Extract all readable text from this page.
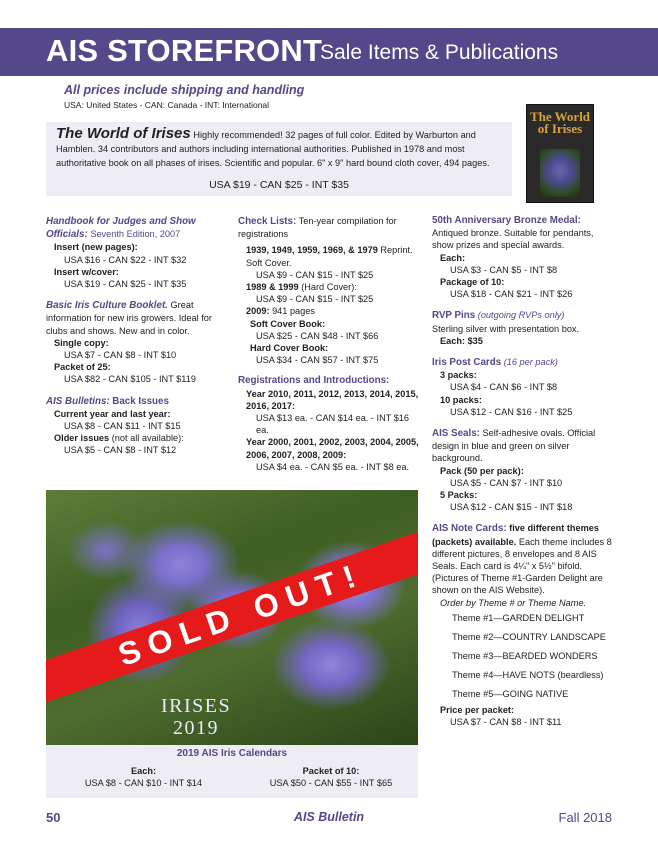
AIS STOREFRONT
Sale Items & Publications
All prices include shipping and handling
USA: United States - CAN: Canada - INT: International
The World of Irises Highly recommended! 32 pages of full color. Edited by Warburton and Hamblen. 34 contributors and authors including international authorities. Published in 1978 and most authoritative book on all phases of irises. Scientific and popular. 6" x 9" hard bound cloth cover, 494 pages.
USA $19 - CAN $25 - INT $35
The World of Irises
Handbook for Judges and Show Officials: Seventh Edition, 2007
Insert (new pages):
USA $16 - CAN $22 - INT $32
Insert w/cover:
USA $19 - CAN $25 - INT $35
Basic Iris Culture Booklet. Great information for new iris growers. Ideal for clubs and shows. New and in color.
Single copy:
USA $7 - CAN $8 - INT $10
Packet of 25:
USA $82 - CAN $105 - INT $119
AIS Bulletins: Back Issues
Current year and last year:
USA $8 - CAN $11 - INT $15
Older issues (not all available):
USA $5 - CAN $8 - INT $12
Check Lists: Ten-year compilation for registrations
1939, 1949, 1959, 1969, & 1979 Reprint. Soft Cover.
USA $9 - CAN $15 - INT $25
1989 & 1999 (Hard Cover):
USA $9 - CAN $15 - INT $25
2009: 941 pages
Soft Cover Book:
USA $25 - CAN $48 - INT $66
Hard Cover Book:
USA $34 - CAN $57 - INT $75
Registrations and Introductions:
Year 2010, 2011, 2012, 2013, 2014, 2015, 2016, 2017:
USA $13 ea. - CAN $14 ea. - INT $16 ea.
Year 2000, 2001, 2002, 2003, 2004, 2005, 2006, 2007, 2008, 2009:
USA $4 ea. - CAN $5 ea. - INT $8 ea.
50th Anniversary Bronze Medal:
Antiqued bronze. Suitable for pendants, show prizes and special awards.
Each:
USA $3 - CAN $5 - INT $8
Package of 10:
USA $18 - CAN $21 - INT $26
RVP Pins (outgoing RVPs only)
Sterling silver with presentation box.
Each: $35
Iris Post Cards (16 per pack)
3 packs:
USA $4 - CAN $6 - INT $8
10 packs:
USA $12 - CAN $16 - INT $25
AIS Seals: Self-adhesive ovals. Official design in blue and green on silver background.
Pack (50 per pack):
USA $5 - CAN $7 - INT $10
5 Packs:
USA $12 - CAN $15 - INT $18
AIS Note Cards: five different themes (packets) available. Each theme includes 8 different pictures, 8 envelopes and 8 AIS Seals. Each card is 4¼" x 5½" bifold. (Pictures of Theme #1-Garden Delight are shown on the AIS Website).
Order by Theme # or Theme Name.
Theme #1—GARDEN DELIGHT
Theme #2—COUNTRY LANDSCAPE
Theme #3—BEARDED WONDERS
Theme #4—HAVE NOTS (beardless)
Theme #5—GOING NATIVE
Price per packet:
USA $7 - CAN $8 - INT $11
SOLD OUT!
IRISES
2019
2019 AIS Iris Calendars
Each:
USA $8 - CAN $10 - INT $14
Packet of 10:
USA $50 - CAN $55 - INT $65
50	AIS Bulletin	Fall 2018
